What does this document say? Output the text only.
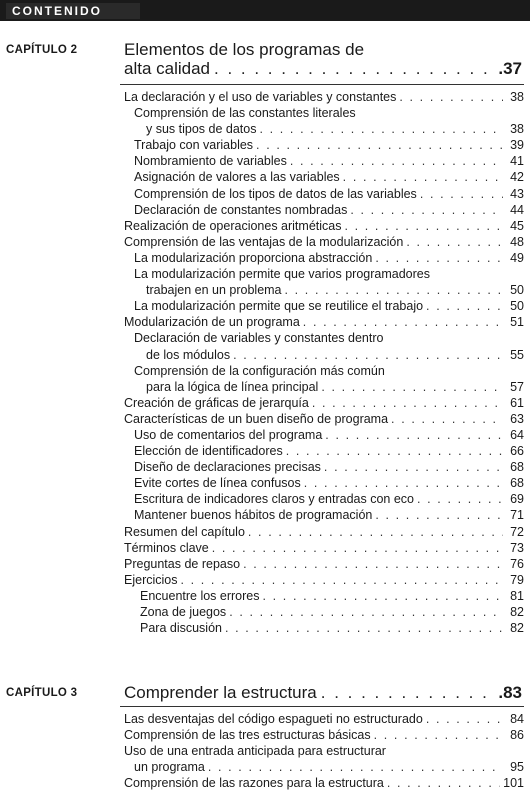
CONTENIDO
CAPÍTULO 2	Elementos de los programas de
alta calidad . . .	.37
La declaración y el uso de variables y constantes . . .	38
Comprensión de las constantes literales
y sus tipos de datos . . .	38
Trabajo con variables . . .	39
Nombramiento de variables . . .	41
Asignación de valores a las variables . . .	42
Comprensión de los tipos de datos de las variables . . .	43
Declaración de constantes nombradas . . .	44
Realización de operaciones aritméticas . . .	45
Comprensión de las ventajas de la modularización . . .	48
La modularización proporciona abstracción . . .	49
La modularización permite que varios programadores
trabajen en un problema . . .	50
La modularización permite que se reutilice el trabajo . . .	50
Modularización de un programa . . .	51
Declaración de variables y constantes dentro
de los módulos . . .	55
Comprensión de la configuración más común
para la lógica de línea principal . . .	57
Creación de gráficas de jerarquía . . .	61
Características de un buen diseño de programa . . .	63
Uso de comentarios del programa . . .	64
Elección de identificadores . . .	66
Diseño de declaraciones precisas . . .	68
Evite cortes de línea confusos . . .	68
Escritura de indicadores claros y entradas con eco . . .	69
Mantener buenos hábitos de programación . . .	71
Resumen del capítulo . . .	72
Términos clave . . .	73
Preguntas de repaso . . .	76
Ejercicios . . .	79
Encuentre los errores . . .	81
Zona de juegos . . .	82
Para discusión . . .	82
CAPÍTULO 3	Comprender la estructura . . .	.83
Las desventajas del código espagueti no estructurado . . .	84
Comprensión de las tres estructuras básicas . . .	86
Uso de una entrada anticipada para estructurar
un programa . . .	95
Comprensión de las razones para la estructura . . .	101
